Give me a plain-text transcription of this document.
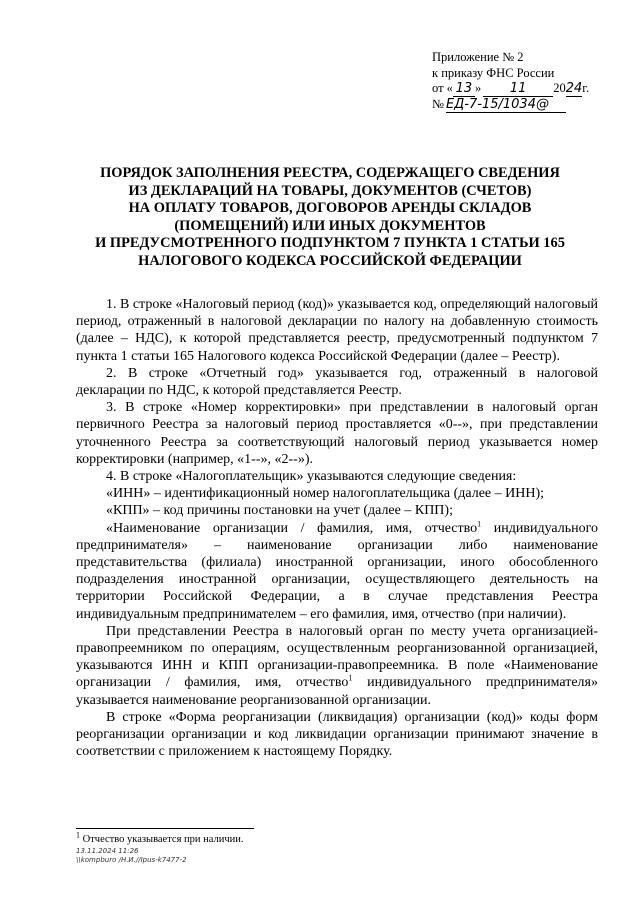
Приложение № 2
к приказу ФНС России
от « 13 » 11 2024г.
№ ЕД-7-15/1034@
ПОРЯДОК ЗАПОЛНЕНИЯ РЕЕСТРА, СОДЕРЖАЩЕГО СВЕДЕНИЯ
ИЗ ДЕКЛАРАЦИЙ НА ТОВАРЫ, ДОКУМЕНТОВ (СЧЕТОВ)
НА ОПЛАТУ ТОВАРОВ, ДОГОВОРОВ АРЕНДЫ СКЛАДОВ
(ПОМЕЩЕНИЙ) ИЛИ ИНЫХ ДОКУМЕНТОВ
И ПРЕДУСМОТРЕННОГО ПОДПУНКТОМ 7 ПУНКТА 1 СТАТЬИ 165
НАЛОГОВОГО КОДЕКСА РОССИЙСКОЙ ФЕДЕРАЦИИ

1. В строке «Налоговый период (код)» указывается код, определяющий налоговый период, отраженный в налоговой декларации по налогу на добавленную стоимость (далее – НДС), к которой представляется реестр, предусмотренный подпунктом 7 пункта 1 статьи 165 Налогового кодекса Российской Федерации (далее – Реестр).

2. В строке «Отчетный год» указывается год, отраженный в налоговой декларации по НДС, к которой представляется Реестр.

3. В строке «Номер корректировки» при представлении в налоговый орган первичного Реестра за налоговый период проставляется «0--», при представлении уточненного Реестра за соответствующий налоговый период указывается номер корректировки (например, «1--», «2--»).

4. В строке «Налогоплательщик» указываются следующие сведения:

«ИНН» – идентификационный номер налогоплательщика (далее – ИНН);

«КПП» – код причины постановки на учет (далее – КПП);

«Наименование организации / фамилия, имя, отчество$^1$ индивидуального предпринимателя» – наименование организации либо наименование представительства (филиала) иностранной организации, иного обособленного подразделения иностранной организации, осуществляющего деятельность на территории Российской Федерации, а в случае представления Реестра индивидуальным предпринимателем – его фамилия, имя, отчество (при наличии).

При представлении Реестра в налоговый орган по месту учета организацией-правопреемником по операциям, осуществленным реорганизованной организацией, указываются ИНН и КПП организации-правопреемника. В поле «Наименование организации / фамилия, имя, отчество$^1$ индивидуального предпринимателя» указывается наименование реорганизованной организации.

В строке «Форма реорганизации (ликвидация) организации (код)» коды форм реорганизации организации и код ликвидации организации принимают значение в соответствии с приложением к настоящему Порядку.

$^1$ Отчество указывается при наличии.
13.11.2024 11:26
\\kompburo /Н.И.//Ipus-k7477-2
